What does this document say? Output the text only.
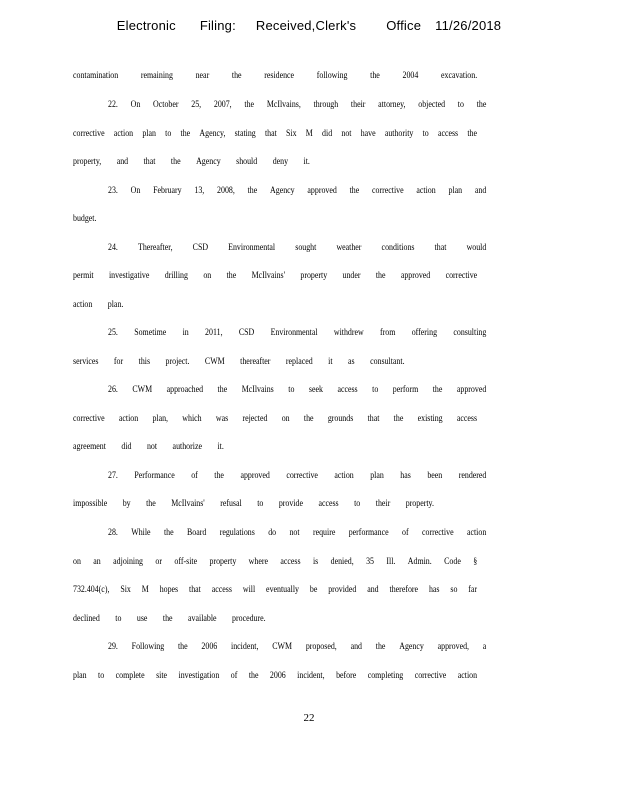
Electronic Filing: Received,Clerk's Office 11/26/2018
contamination remaining near the residence following the 2004 excavation.
22. On October 25, 2007, the McIlvains, through their attorney, objected to the
corrective action plan to the Agency, stating that Six M did not have authority to access the
property, and that the Agency should deny it.
23. On February 13, 2008, the Agency approved the corrective action plan and
budget.
24. Thereafter, CSD Environmental sought weather conditions that would
permit investigative drilling on the McIlvains' property under the approved corrective
action plan.
25. Sometime in 2011, CSD Environmental withdrew from offering consulting
services for this project. CWM thereafter replaced it as consultant.
26. CWM approached the McIlvains to seek access to perform the approved
corrective action plan, which was rejected on the grounds that the existing access
agreement did not authorize it.
27. Performance of the approved corrective action plan has been rendered
impossible by the McIlvains' refusal to provide access to their property.
28. While the Board regulations do not require performance of corrective action
on an adjoining or off-site property where access is denied, 35 Ill. Admin. Code §
732.404(c), Six M hopes that access will eventually be provided and therefore has so far
declined to use the available procedure.
29. Following the 2006 incident, CWM proposed, and the Agency approved, a
plan to complete site investigation of the 2006 incident, before completing corrective action
22
